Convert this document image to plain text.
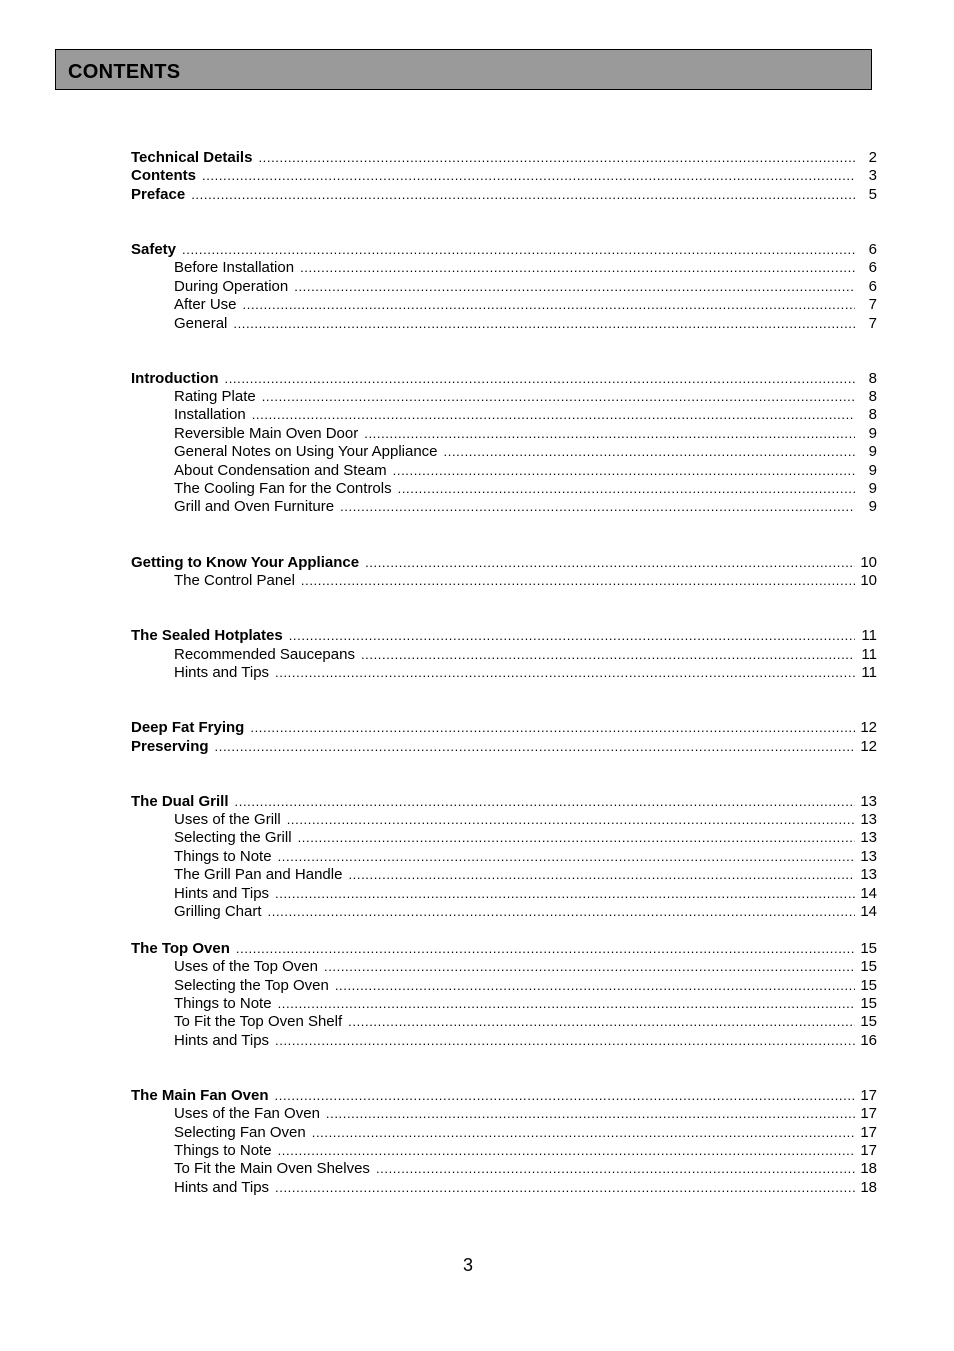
CONTENTS
Technical Details .....	2
Contents .....	3
Preface .....	5
Safety .....	6
Before Installation .....	6
During Operation .....	6
After Use .....	7
General .....	7
Introduction .....	8
Rating Plate .....	8
Installation .....	8
Reversible Main Oven Door .....	9
General Notes on Using Your Appliance .....	9
About Condensation and Steam .....	9
The Cooling Fan for the Controls .....	9
Grill and Oven Furniture .....	9
Getting to Know Your Appliance .....	10
The Control Panel .....	10
The Sealed Hotplates .....	11
Recommended Saucepans .....	11
Hints and Tips .....	11
Deep Fat Frying .....	12
Preserving .....	12
The Dual Grill .....	13
Uses of the Grill .....	13
Selecting the Grill .....	13
Things to Note .....	13
The Grill Pan and Handle .....	13
Hints and Tips .....	14
Grilling Chart .....	14
The Top Oven .....	15
Uses of the Top Oven .....	15
Selecting the Top Oven .....	15
Things to Note .....	15
To Fit the Top Oven Shelf .....	15
Hints and Tips .....	16
The Main Fan Oven .....	17
Uses of the Fan Oven .....	17
Selecting Fan Oven .....	17
Things to Note .....	17
To Fit the Main Oven Shelves .....	18
Hints and Tips .....	18
3
